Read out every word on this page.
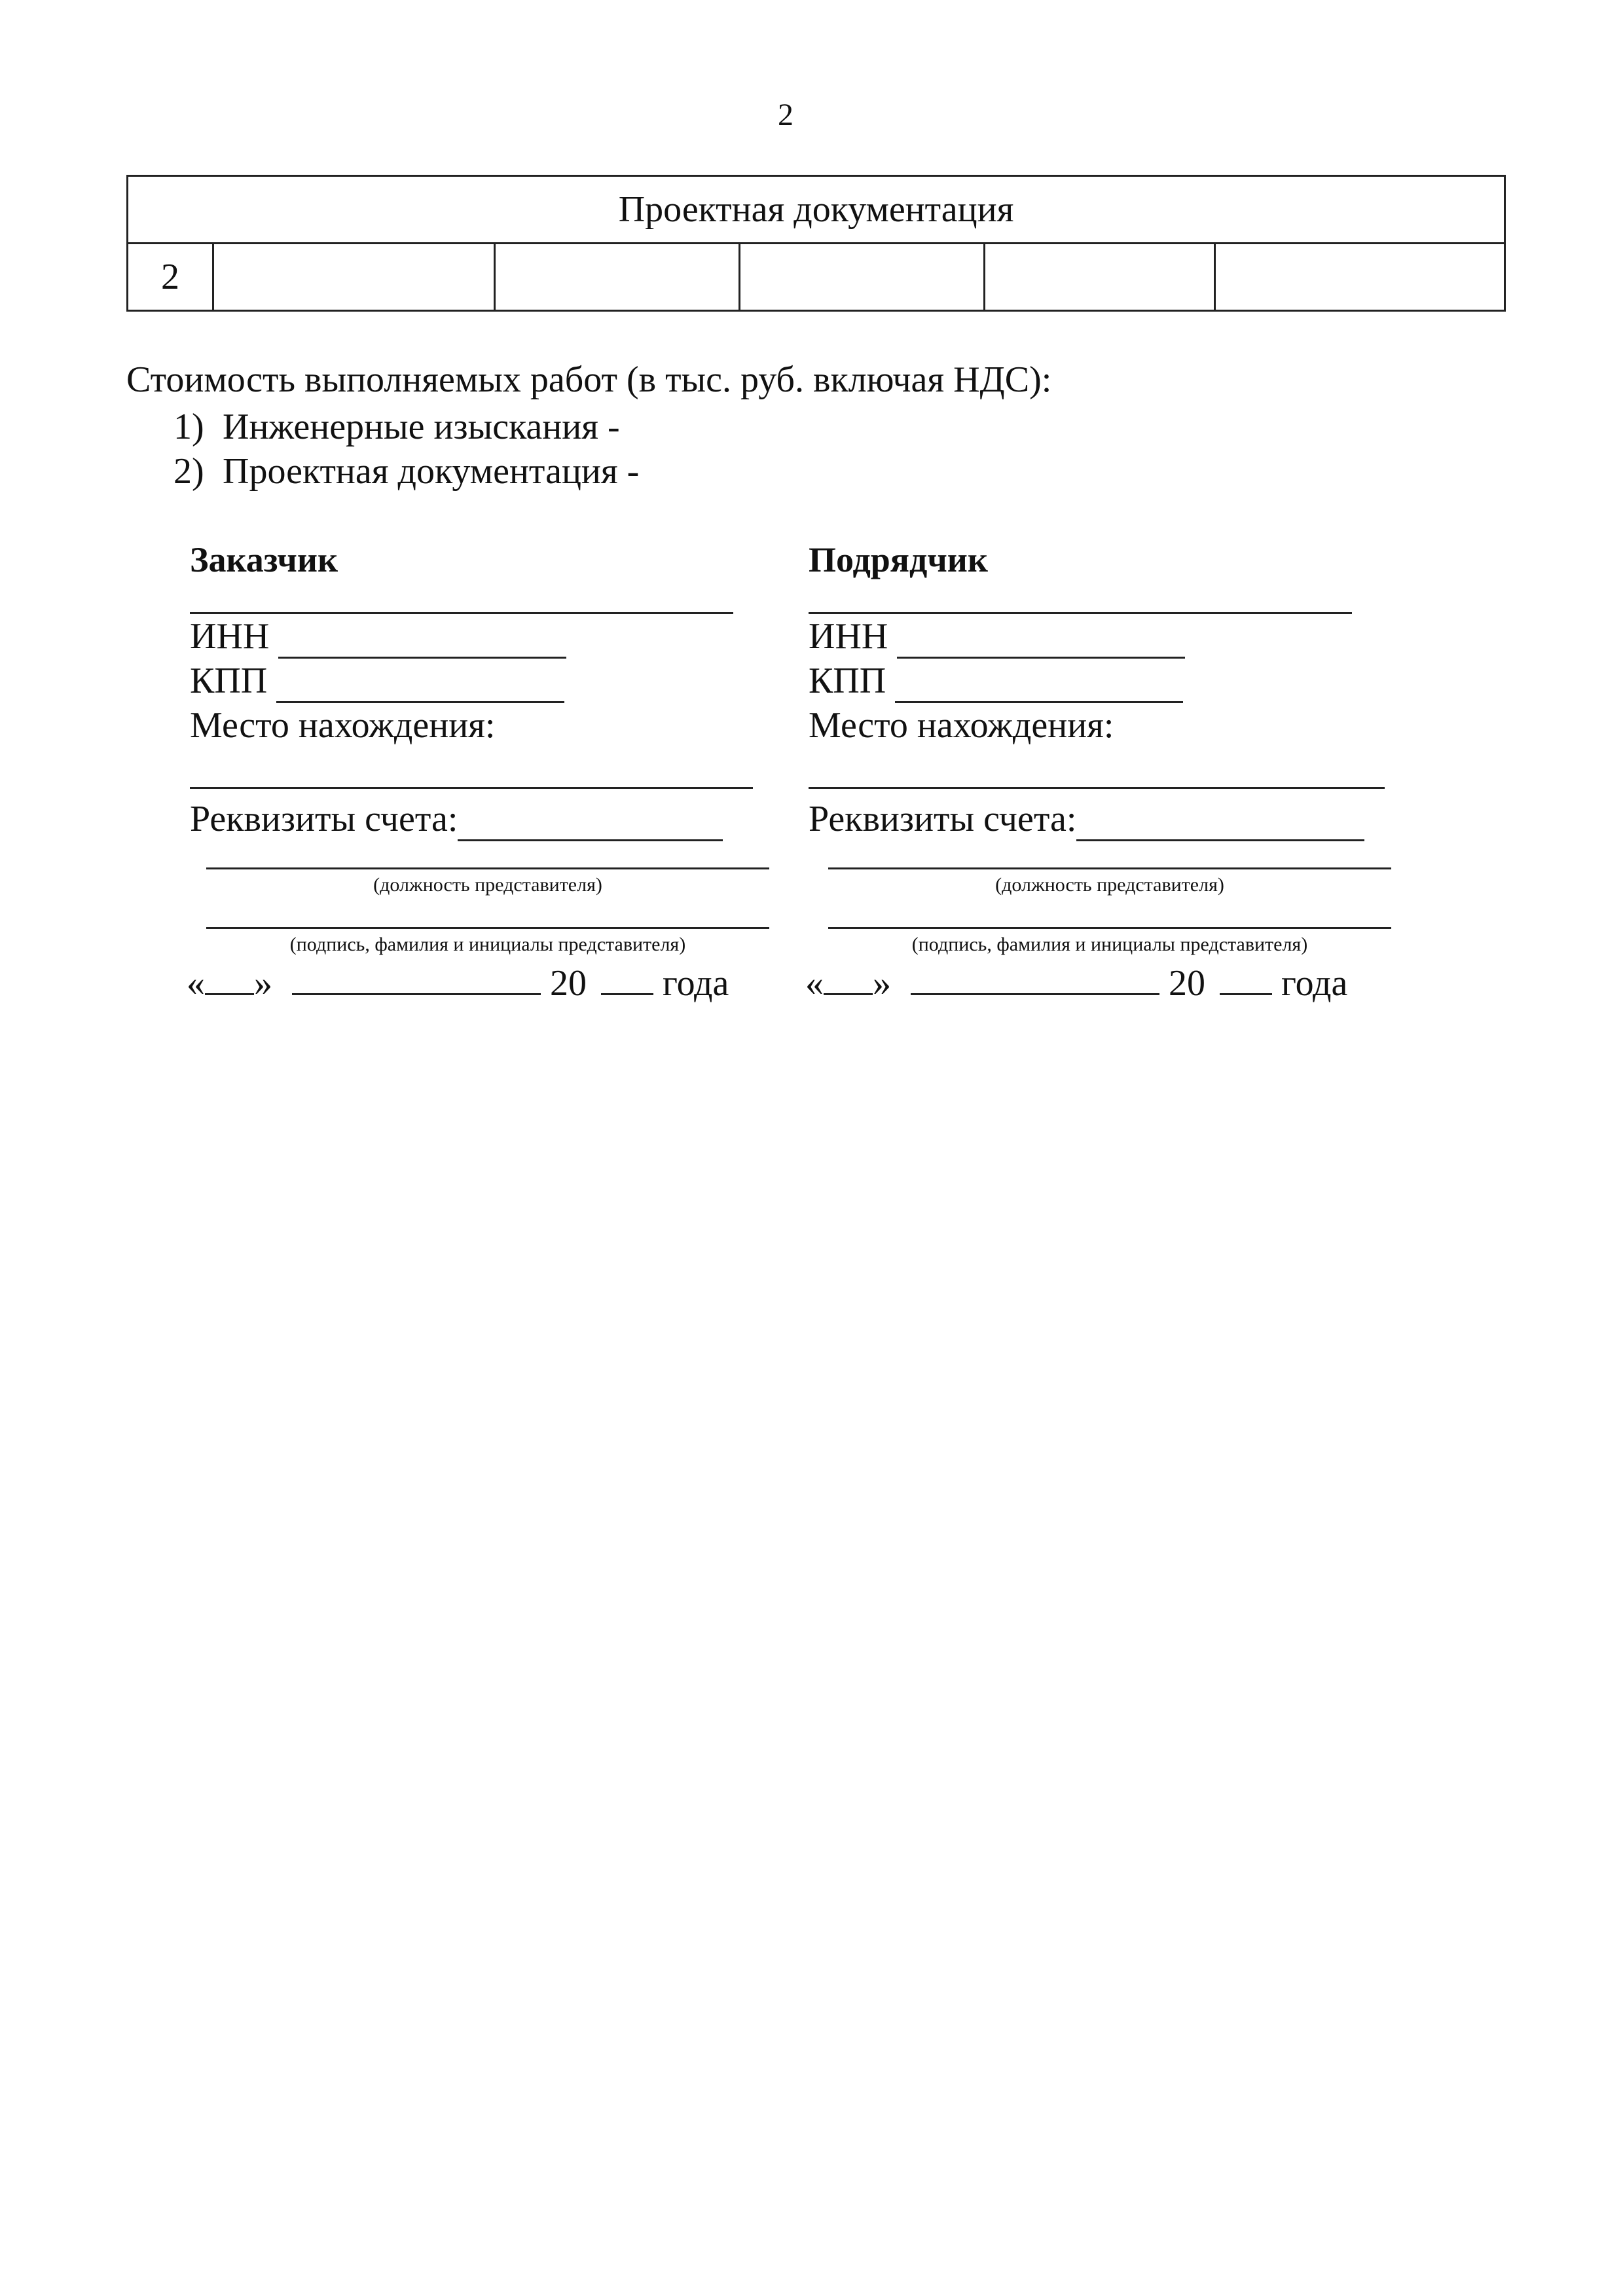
2
Проектная документация
2					
Стоимость выполняемых работ (в тыс. руб. включая НДС):
1) Инженерные изыскания -
2) Проектная документация -
Заказчик
ИНН
КПП
Место нахождения:
Реквизиты счета:
(должность представителя)
(подпись, фамилия и инициалы представителя)
« »	20 года
Подрядчик
ИНН
КПП
Место нахождения:
Реквизиты счета:
(должность представителя)
(подпись, фамилия и инициалы представителя)
« »	20 года
